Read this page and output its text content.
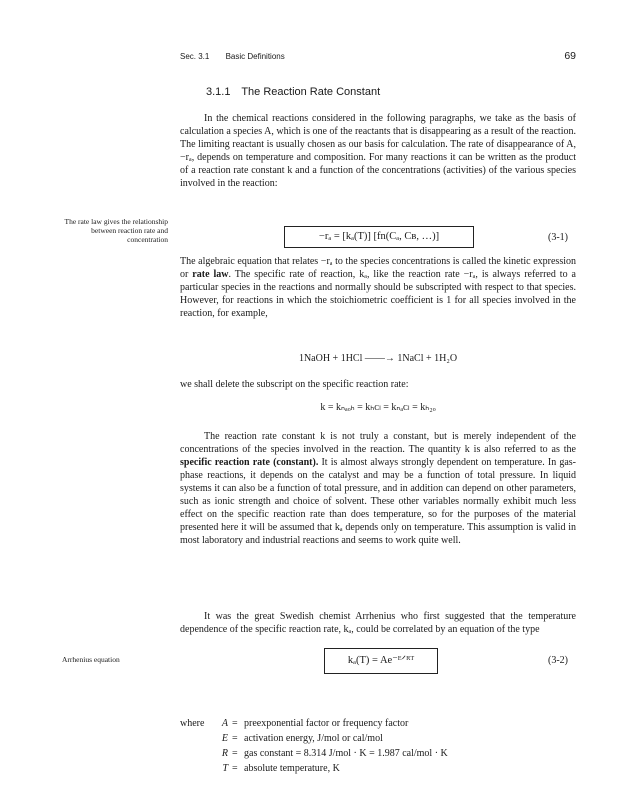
Sec. 3.1 Basic Definitions	69
3.1.1 The Reaction Rate Constant
In the chemical reactions considered in the following paragraphs, we take as the basis of calculation a species A, which is one of the reactants that is disappearing as a result of the reaction. The limiting reactant is usually chosen as our basis for calculation. The rate of disappearance of A, −rₐ, depends on temperature and composition. For many reactions it can be written as the product of a reaction rate constant k and a function of the concentrations (activities) of the various species involved in the reaction:
The rate law gives the relationship between reaction rate and concentration	−rₐ = [kₐ(T)] [fn(Cₐ, Cʙ, …)]	(3-1)
The algebraic equation that relates −rₐ to the species concentrations is called the kinetic expression or rate law. The specific rate of reaction, kₐ, like the reaction rate −rₐ, is always referred to a particular species in the reactions and normally should be subscripted with respect to that species. However, for reactions in which the stoichiometric coefficient is 1 for all species involved in the reaction, for example,
1NaOH + 1HCl ——→ 1NaCl + 1H₂O
we shall delete the subscript on the specific reaction rate:
k = kₙₐₒₕ = kₕᴄₗ = kₙₐᴄₗ = kₕ₂ₒ
The reaction rate constant k is not truly a constant, but is merely independent of the concentrations of the species involved in the reaction. The quantity k is also referred to as the specific reaction rate (constant). It is almost always strongly dependent on temperature. In gas-phase reactions, it depends on the catalyst and may be a function of total pressure. In liquid systems it can also be a function of total pressure, and in addition can depend on other parameters, such as ionic strength and choice of solvent. These other variables normally exhibit much less effect on the specific reaction rate than does temperature, so for the purposes of the material presented here it will be assumed that kₐ depends only on temperature. This assumption is valid in most laboratory and industrial reactions and seems to work quite well.
It was the great Swedish chemist Arrhenius who first suggested that the temperature dependence of the specific reaction rate, kₐ, could be correlated by an equation of the type
Arrhenius equation	kₐ(T) = Ae⁻ᴱᐟᴿᵀ	(3-2)
where	A = preexponential factor or frequency factor
E = activation energy, J/mol or cal/mol
R = gas constant = 8.314 J/mol · K = 1.987 cal/mol · K
T = absolute temperature, K
